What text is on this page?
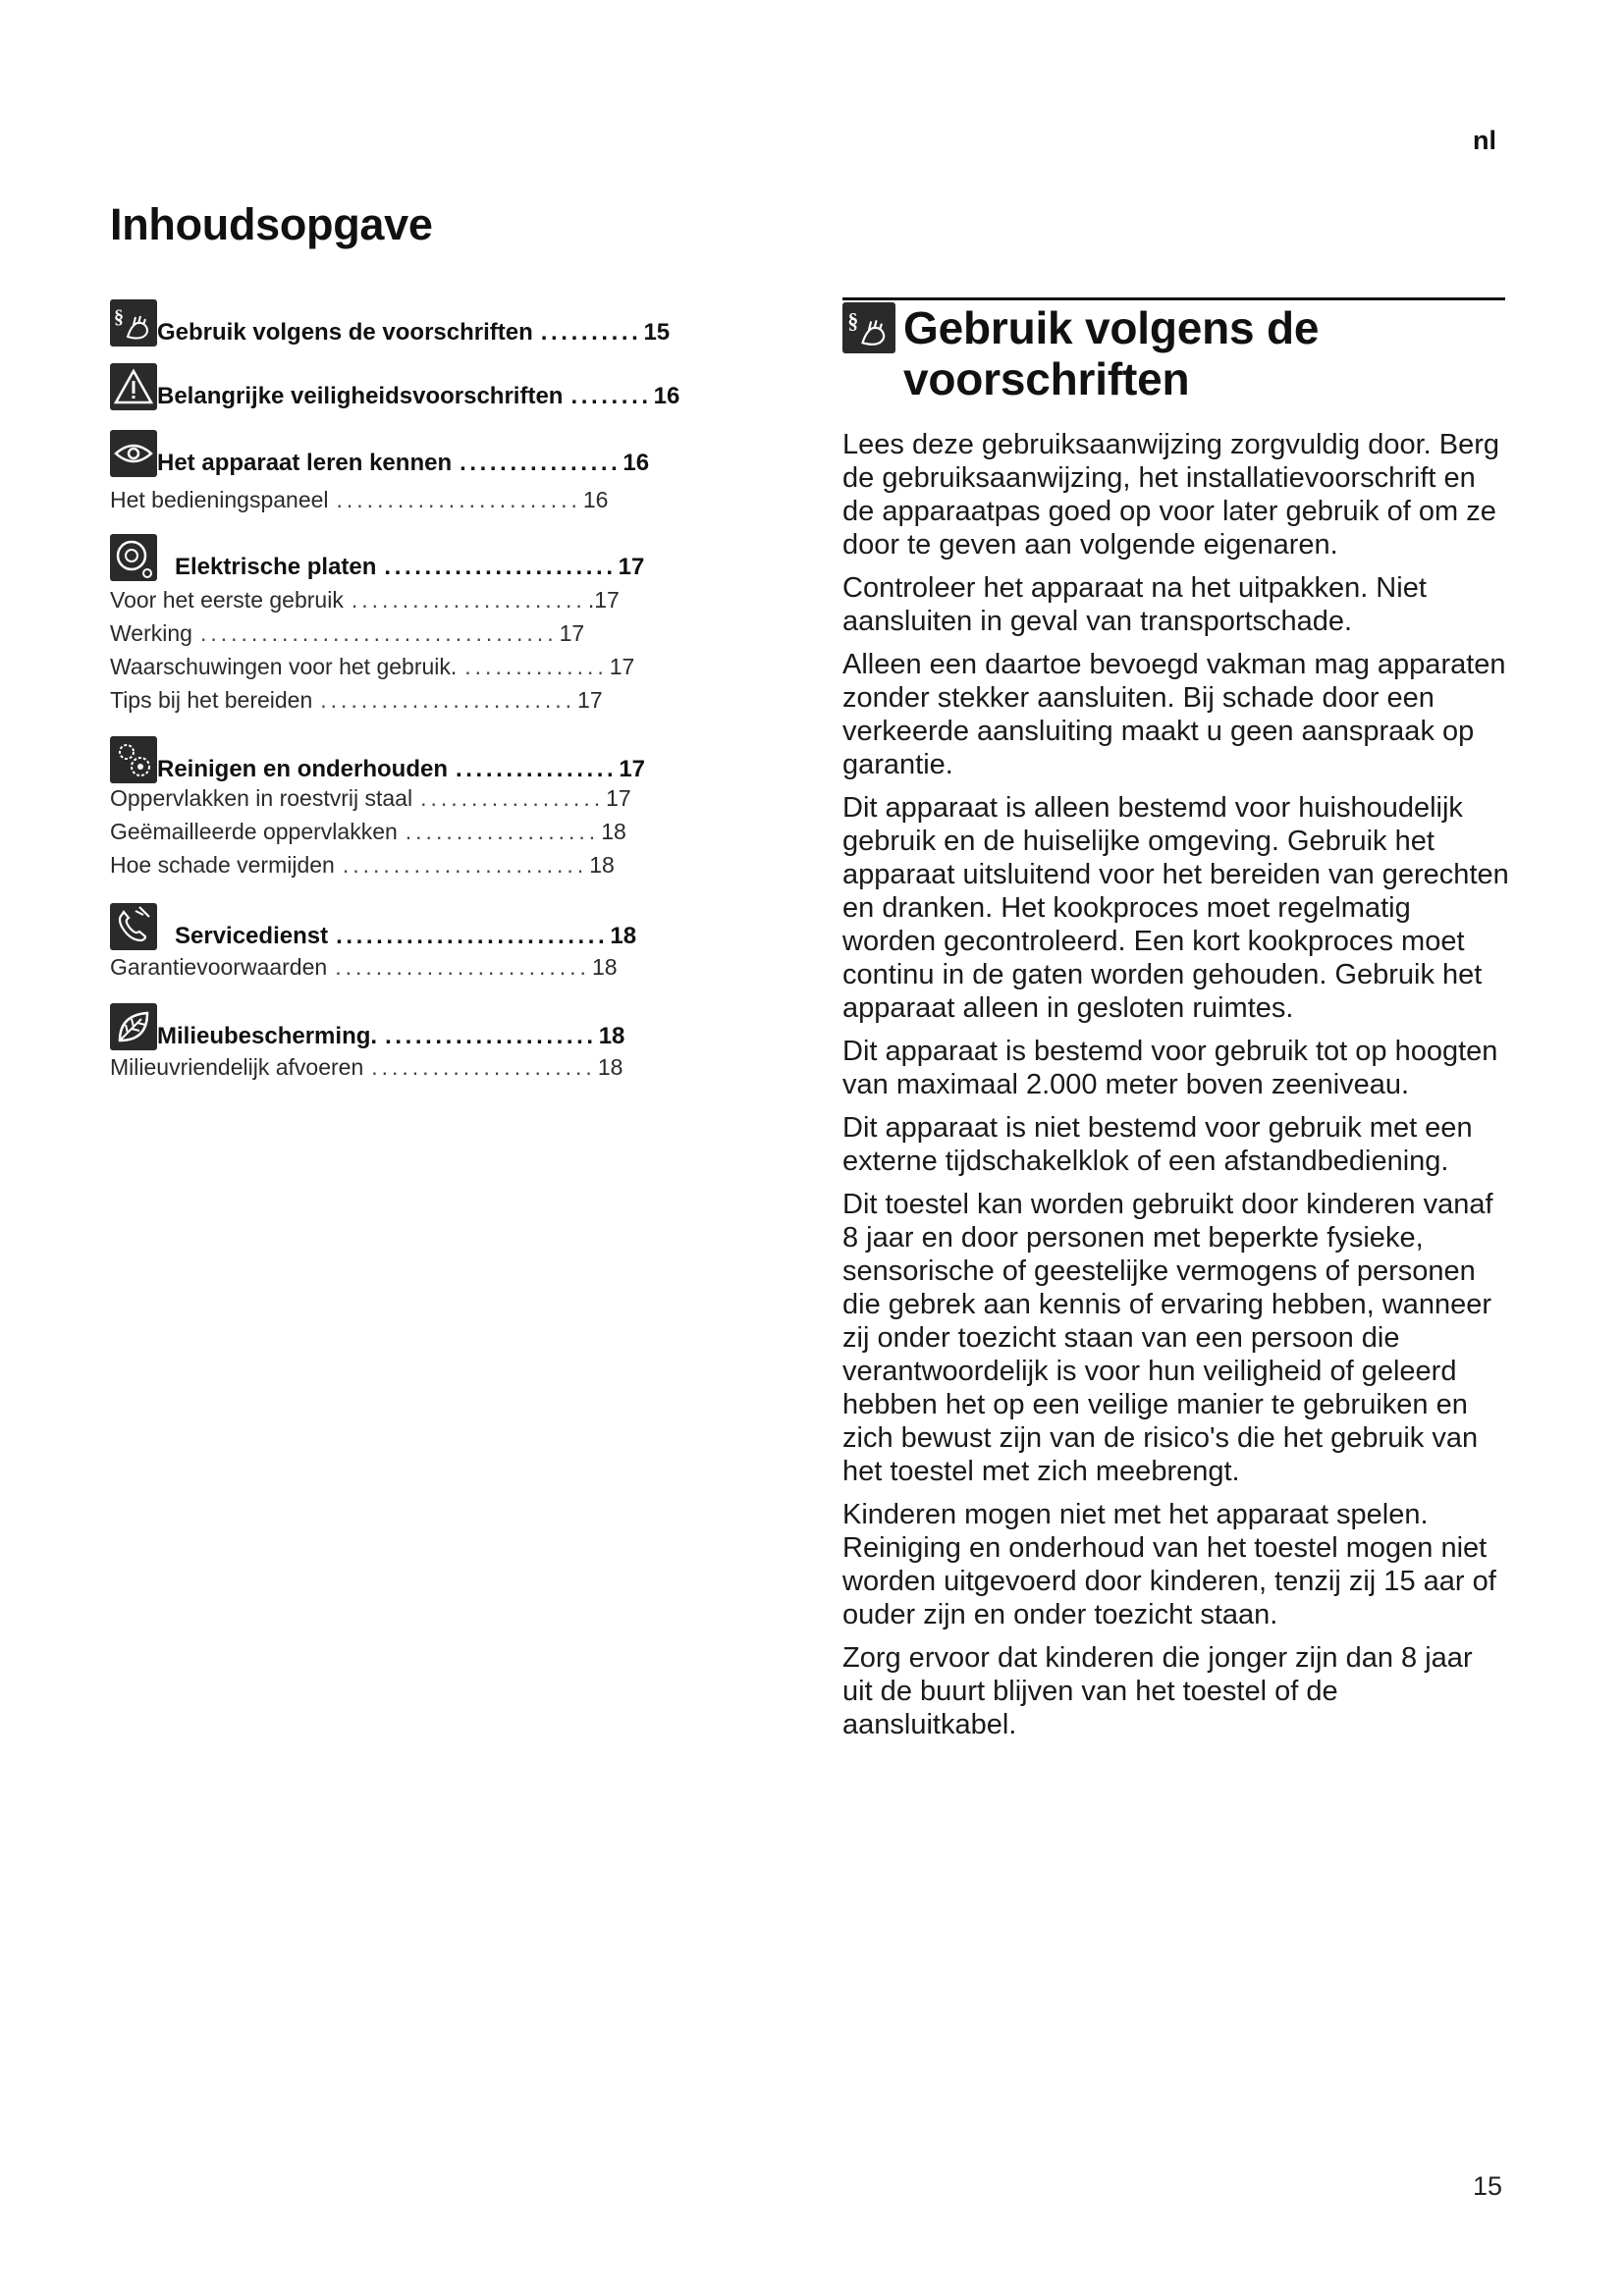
nl
Inhoudsopgave
§
Gebruik volgens de voorschriften .......... 15
Belangrijke veiligheidsvoorschriften ........ 16
Het apparaat leren kennen ................ 16
Het bedieningspaneel ........................ 16
Elektrische platen ....................... 17
Voor het eerste gebruik ....................... .17
Werking ................................... 17
Waarschuwingen voor het gebruik. .............. 17
Tips bij het bereiden ......................... 17
Reinigen en onderhouden ................ 17
Oppervlakken in roestvrij staal .................. 17
Geëmailleerde oppervlakken ................... 18
Hoe schade vermijden ........................ 18
Servicedienst ........................... 18
Garantievoorwaarden ......................... 18
Milieubescherming. ..................... 18
Milieuvriendelijk afvoeren ...................... 18
§ Gebruik volgens de
voorschriften

Lees deze gebruiksaanwijzing zorgvuldig door. Berg de gebruiksaanwijzing, het installatievoorschrift en de apparaatpas goed op voor later gebruik of om ze door te geven aan volgende eigenaren.

Controleer het apparaat na het uitpakken. Niet aansluiten in geval van transportschade.

Alleen een daartoe bevoegd vakman mag apparaten zonder stekker aansluiten. Bij schade door een verkeerde aansluiting maakt u geen aanspraak op garantie.

Dit apparaat is alleen bestemd voor huishoudelijk gebruik en de huiselijke omgeving. Gebruik het apparaat uitsluitend voor het bereiden van gerechten en dranken. Het kookproces moet regelmatig worden gecontroleerd. Een kort kookproces moet continu in de gaten worden gehouden. Gebruik het apparaat alleen in gesloten ruimtes.

Dit apparaat is bestemd voor gebruik tot op hoogten van maximaal 2.000 meter boven zeeniveau.

Dit apparaat is niet bestemd voor gebruik met een externe tijdschakelklok of een afstandbediening.

Dit toestel kan worden gebruikt door kinderen vanaf 8 jaar en door personen met beperkte fysieke, sensorische of geestelijke vermogens of personen die gebrek aan kennis of ervaring hebben, wanneer zij onder toezicht staan van een persoon die verantwoordelijk is voor hun veiligheid of geleerd hebben het op een veilige manier te gebruiken en zich bewust zijn van de risico's die het gebruik van het toestel met zich meebrengt.

Kinderen mogen niet met het apparaat spelen. Reiniging en onderhoud van het toestel mogen niet worden uitgevoerd door kinderen, tenzij zij 15 aar of ouder zijn en onder toezicht staan.

Zorg ervoor dat kinderen die jonger zijn dan 8 jaar uit de buurt blijven van het toestel of de aansluitkabel.

15
